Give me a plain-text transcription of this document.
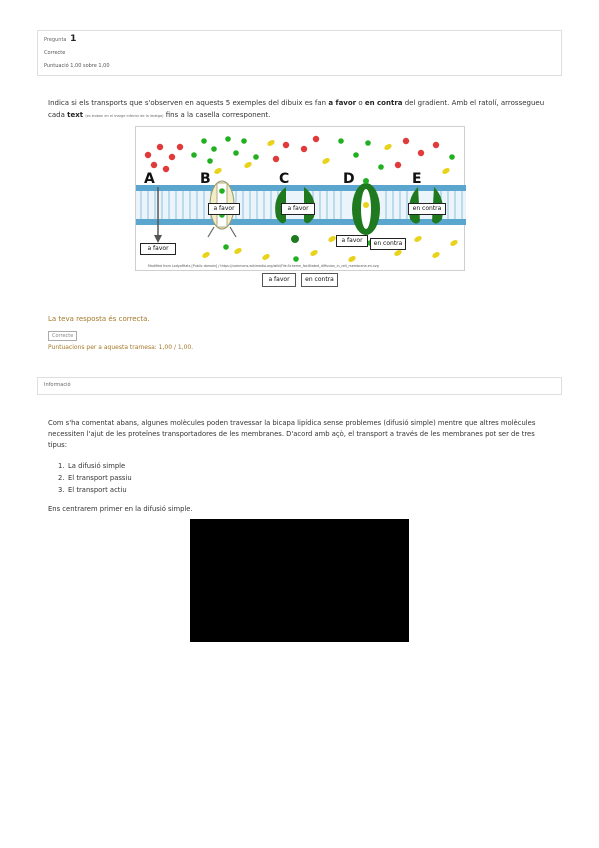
Pregunta 1
Correcte
Puntuació 1,00 sobre 1,00
Indica si els transports que s'observen en aquests 5 exemples del dibuix es fan a favor o en contra del gradient. Amb el ratolí, arrossegueu cada text (es troben en el marge inferior de la imatge) fins a la casella corresponent.
A	B	C	D	E
a favor
a favor	a favor
a favor	en contra
en contra
Modified from LadyofHats [Public domain] / https://commons.wikimedia.org/wiki/File:Scheme_facilitated_diffusion_in_cell_membrane-en.svg
a favor	en contra
La teva resposta és correcta.
Correcte
Puntuacions per a aquesta tramesa: 1,00 / 1,00.
Informació
Com s'ha comentat abans, algunes molècules poden travessar la bicapa lipídica sense problemes (difusió simple) mentre que altres molècules necessiten l'ajut de les proteïnes transportadores de les membranes. D'acord amb açò, el transport a través de les membranes pot ser de tres tipus:
1. La difusió simple
2. El transport passiu
3. El transport actiu
Ens centrarem primer en la difusió simple.
